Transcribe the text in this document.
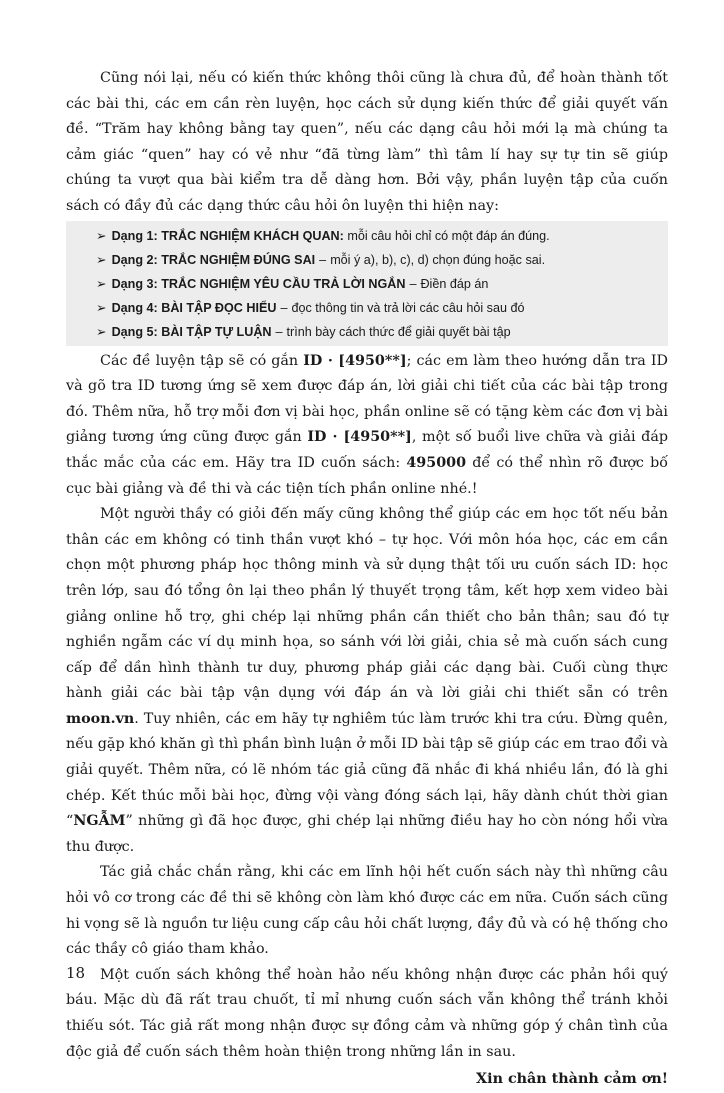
Cũng nói lại, nếu có kiến thức không thôi cũng là chưa đủ, để hoàn thành tốt các bài thi, các em cần rèn luyện, học cách sử dụng kiến thức để giải quyết vấn đề. “Trăm hay không bằng tay quen”, nếu các dạng câu hỏi mới lạ mà chúng ta cảm giác “quen” hay có vẻ như “đã từng làm” thì tâm lí hay sự tự tin sẽ giúp chúng ta vượt qua bài kiểm tra dễ dàng hơn. Bởi vậy, phần luyện tập của cuốn sách có đầy đủ các dạng thức câu hỏi ôn luyện thi hiện nay:

➢ Dạng 1: TRẮC NGHIỆM KHÁCH QUAN: mỗi câu hỏi chỉ có một đáp án đúng.
➢ Dạng 2: TRẮC NGHIỆM ĐÚNG SAI – mỗi ý a), b), c), d) chọn đúng hoặc sai.
➢ Dạng 3: TRẮC NGHIỆM YÊU CẦU TRẢ LỜI NGẮN – Điền đáp án
➢ Dạng 4: BÀI TẬP ĐỌC HIỂU – đọc thông tin và trả lời các câu hỏi sau đó
➢ Dạng 5: BÀI TẬP TỰ LUẬN – trình bày cách thức để giải quyết bài tập

Các đề luyện tập sẽ có gắn ID · [4950**]; các em làm theo hướng dẫn tra ID và gõ tra ID tương ứng sẽ xem được đáp án, lời giải chi tiết của các bài tập trong đó. Thêm nữa, hỗ trợ mỗi đơn vị bài học, phần online sẽ có tặng kèm các đơn vị bài giảng tương ứng cũng được gắn ID · [4950**], một số buổi live chữa và giải đáp thắc mắc của các em. Hãy tra ID cuốn sách: 495000 để có thể nhìn rõ được bố cục bài giảng và đề thi và các tiện tích phần online nhé.!

Một người thầy có giỏi đến mấy cũng không thể giúp các em học tốt nếu bản thân các em không có tinh thần vượt khó – tự học. Với môn hóa học, các em cần chọn một phương pháp học thông minh và sử dụng thật tối ưu cuốn sách ID: học trên lớp, sau đó tổng ôn lại theo phần lý thuyết trọng tâm, kết hợp xem video bài giảng online hỗ trợ, ghi chép lại những phần cần thiết cho bản thân; sau đó tự nghiền ngẫm các ví dụ minh họa, so sánh với lời giải, chia sẻ mà cuốn sách cung cấp để dần hình thành tư duy, phương pháp giải các dạng bài. Cuối cùng thực hành giải các bài tập vận dụng với đáp án và lời giải chi thiết sẵn có trên moon.vn. Tuy nhiên, các em hãy tự nghiêm túc làm trước khi tra cứu. Đừng quên, nếu gặp khó khăn gì thì phần bình luận ở mỗi ID bài tập sẽ giúp các em trao đổi và giải quyết. Thêm nữa, có lẽ nhóm tác giả cũng đã nhắc đi khá nhiều lần, đó là ghi chép. Kết thúc mỗi bài học, đừng vội vàng đóng sách lại, hãy dành chút thời gian “NGẪM” những gì đã học được, ghi chép lại những điều hay ho còn nóng hổi vừa thu được.

Tác giả chắc chắn rằng, khi các em lĩnh hội hết cuốn sách này thì những câu hỏi vô cơ trong các đề thi sẽ không còn làm khó được các em nữa. Cuốn sách cũng hi vọng sẽ là nguồn tư liệu cung cấp câu hỏi chất lượng, đầy đủ và có hệ thống cho các thầy cô giáo tham khảo.

Một cuốn sách không thể hoàn hảo nếu không nhận được các phản hồi quý báu. Mặc dù đã rất trau chuốt, tỉ mỉ nhưng cuốn sách vẫn không thể tránh khỏi thiếu sót. Tác giả rất mong nhận được sự đồng cảm và những góp ý chân tình của độc giả để cuốn sách thêm hoàn thiện trong những lần in sau.

Xin chân thành cảm ơn!
18
